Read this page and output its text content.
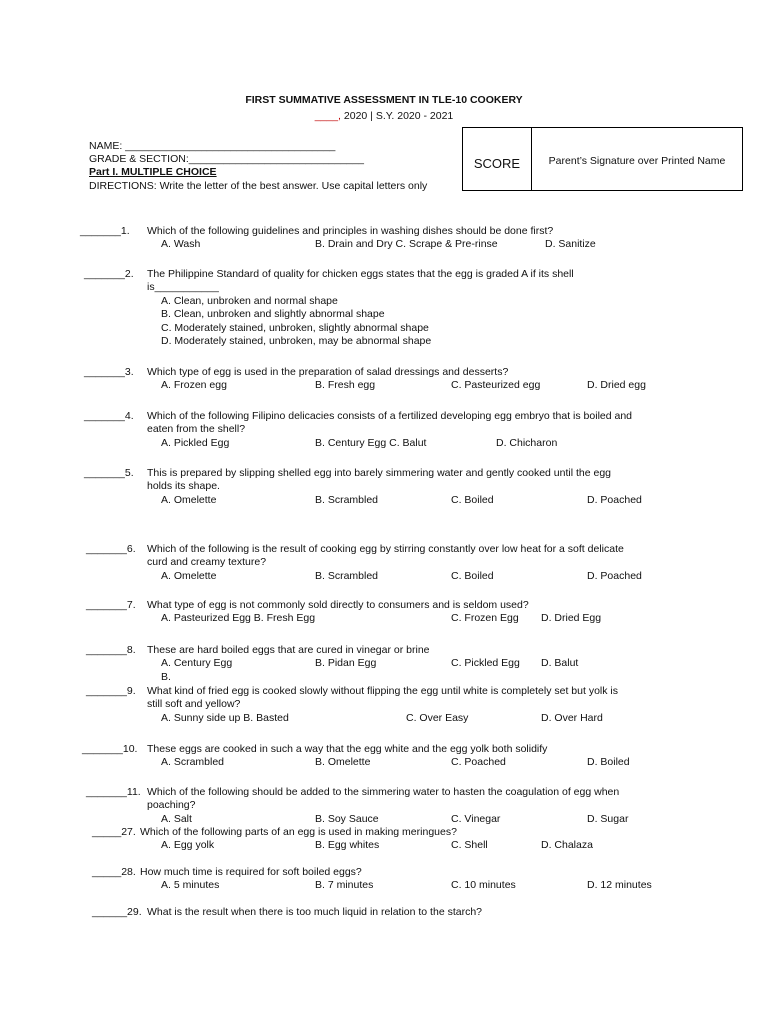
FIRST SUMMATIVE ASSESSMENT IN TLE-10 COOKERY
____, 2020 | S.Y. 2020 - 2021
NAME: ____________________________________
GRADE & SECTION:______________________________
Part I. MULTIPLE CHOICE
DIRECTIONS: Write the letter of the best answer. Use capital letters only
SCORE	Parent’s Signature over Printed Name
_______1. Which of the following guidelines and principles in washing dishes should be done first?
A. Wash	B. Drain and Dry C. Scrape & Pre-rinse	D. Sanitize
_______2. The Philippine Standard of quality for chicken eggs states that the egg is graded A if its shell
is___________
A. Clean, unbroken and normal shape
B. Clean, unbroken and slightly abnormal shape
C. Moderately stained, unbroken, slightly abnormal shape
D. Moderately stained, unbroken, may be abnormal shape
_______3. Which type of egg is used in the preparation of salad dressings and desserts?
A. Frozen egg	B. Fresh egg	C. Pasteurized egg	D. Dried egg
_______4. Which of the following Filipino delicacies consists of a fertilized developing egg embryo that is boiled and
eaten from the shell?
A. Pickled Egg	B. Century Egg C. Balut	D. Chicharon
_______5. This is prepared by slipping shelled egg into barely simmering water and gently cooked until the egg
holds its shape.
A. Omelette	B. Scrambled	C. Boiled	D. Poached
_______6. Which of the following is the result of cooking egg by stirring constantly over low heat for a soft delicate
curd and creamy texture?
A. Omelette	B. Scrambled	C. Boiled	D. Poached
_______7. What type of egg is not commonly sold directly to consumers and is seldom used?
A. Pasteurized Egg B. Fresh Egg	C. Frozen Egg D. Dried Egg
_______8. These are hard boiled eggs that are cured in vinegar or brine
A. Century Egg	B. Pidan Egg	C. Pickled Egg D. Balut
B.
_______9. What kind of fried egg is cooked slowly without flipping the egg until white is completely set but yolk is
still soft and yellow?
A. Sunny side up B. Basted	C. Over Easy	D. Over Hard
_______10. These eggs are cooked in such a way that the egg white and the egg yolk both solidify
A. Scrambled	B. Omelette	C. Poached	D. Boiled
_______11. Which of the following should be added to the simmering water to hasten the coagulation of egg when
poaching?
A. Salt	B. Soy Sauce	C. Vinegar	D. Sugar
_____27. Which of the following parts of an egg is used in making meringues?
A. Egg yolk	B. Egg whites	C. Shell	D. Chalaza
_____28. How much time is required for soft boiled eggs?
A. 5 minutes	B. 7 minutes	C. 10 minutes	D. 12 minutes
______29. What is the result when there is too much liquid in relation to the starch?
